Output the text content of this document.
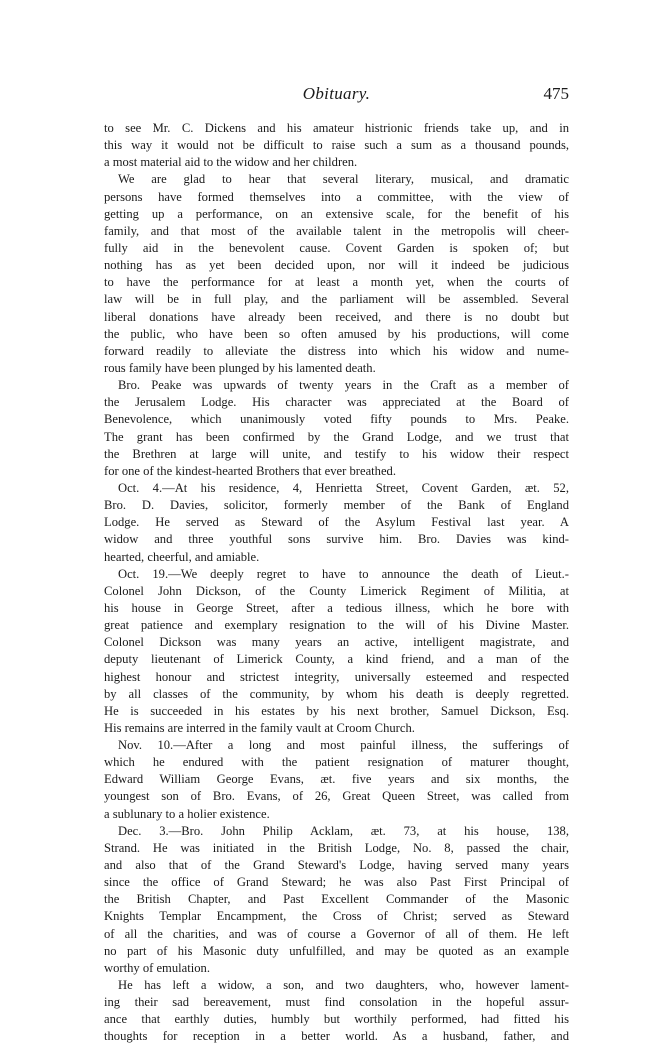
Obituary.	475
to see Mr. C. Dickens and his amateur histrionic friends take up, and in
this way it would not be difficult to raise such a sum as a thousand pounds,
a most material aid to the widow and her children.
We are glad to hear that several literary, musical, and dramatic
persons have formed themselves into a committee, with the view of
getting up a performance, on an extensive scale, for the benefit of his
family, and that most of the available talent in the metropolis will cheer-
fully aid in the benevolent cause. Covent Garden is spoken of; but
nothing has as yet been decided upon, nor will it indeed be judicious
to have the performance for at least a month yet, when the courts of
law will be in full play, and the parliament will be assembled. Several
liberal donations have already been received, and there is no doubt but
the public, who have been so often amused by his productions, will come
forward readily to alleviate the distress into which his widow and nume-
rous family have been plunged by his lamented death.
Bro. Peake was upwards of twenty years in the Craft as a member of
the Jerusalem Lodge. His character was appreciated at the Board of
Benevolence, which unanimously voted fifty pounds to Mrs. Peake.
The grant has been confirmed by the Grand Lodge, and we trust that
the Brethren at large will unite, and testify to his widow their respect
for one of the kindest-hearted Brothers that ever breathed.
Oct. 4.—At his residence, 4, Henrietta Street, Covent Garden, æt. 52,
Bro. D. Davies, solicitor, formerly member of the Bank of England
Lodge. He served as Steward of the Asylum Festival last year. A
widow and three youthful sons survive him. Bro. Davies was kind-
hearted, cheerful, and amiable.
Oct. 19.—We deeply regret to have to announce the death of Lieut.-
Colonel John Dickson, of the County Limerick Regiment of Militia, at
his house in George Street, after a tedious illness, which he bore with
great patience and exemplary resignation to the will of his Divine Master.
Colonel Dickson was many years an active, intelligent magistrate, and
deputy lieutenant of Limerick County, a kind friend, and a man of the
highest honour and strictest integrity, universally esteemed and respected
by all classes of the community, by whom his death is deeply regretted.
He is succeeded in his estates by his next brother, Samuel Dickson, Esq.
His remains are interred in the family vault at Croom Church.
Nov. 10.—After a long and most painful illness, the sufferings of
which he endured with the patient resignation of maturer thought,
Edward William George Evans, æt. five years and six months, the
youngest son of Bro. Evans, of 26, Great Queen Street, was called from
a sublunary to a holier existence.
Dec. 3.—Bro. John Philip Acklam, æt. 73, at his house, 138,
Strand. He was initiated in the British Lodge, No. 8, passed the chair,
and also that of the Grand Steward's Lodge, having served many years
since the office of Grand Steward; he was also Past First Principal of
the British Chapter, and Past Excellent Commander of the Masonic
Knights Templar Encampment, the Cross of Christ; served as Steward
of all the charities, and was of course a Governor of all of them. He left
no part of his Masonic duty unfulfilled, and may be quoted as an example
worthy of emulation.
He has left a widow, a son, and two daughters, who, however lament-
ing their sad bereavement, must find consolation in the hopeful assur-
ance that earthly duties, humbly but worthily performed, had fitted his
thoughts for reception in a better world. As a husband, father, and
